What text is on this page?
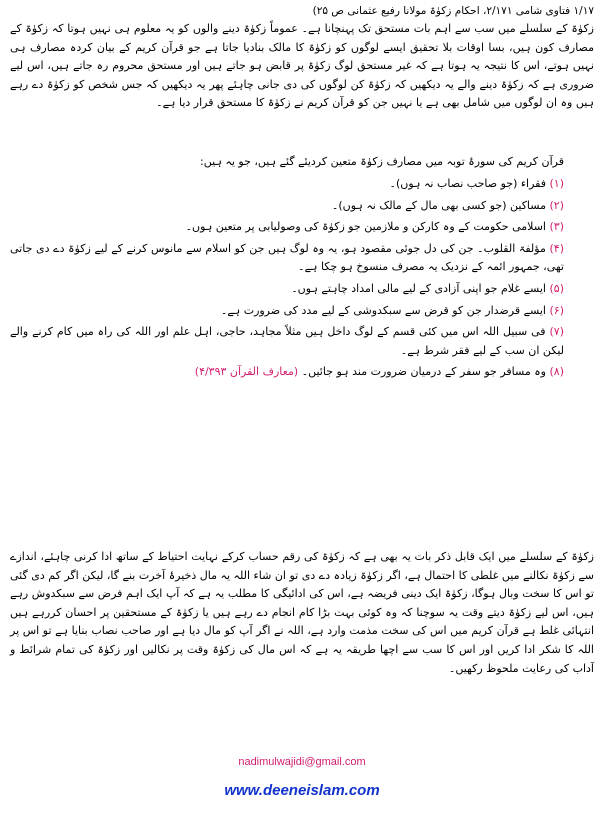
۱/۱۷ فتاوی شامی ۲/۱۷۱، احکام زکوٰۃ مولانا رفیع عثمانی ص ۲۵)

زکوٰۃ کے سلسلے میں سب سے اہم بات مستحق تک پہنچانا ہے۔ عموماً زکوٰۃ دینے والوں کو یہ معلوم ہی نہیں ہوتا کہ زکوٰۃ کے مصارف کون ہیں، بسا اوقات بلا تحقیق ایسے لوگوں کو زکوٰۃ کا مالک بنادیا جاتا ہے جو قرآن کریم کے بیان کردہ مصارف ہی نہیں ہوتے، اس کا نتیجہ یہ ہوتا ہے کہ غیر مستحق لوگ زکوٰۃ پر قابض ہو جاتے ہیں اور مستحق محروم رہ جاتے ہیں، اس لیے ضروری ہے کہ زکوٰۃ دینے والے یہ دیکھیں کہ زکوٰۃ کن لوگوں کی دی جانی چاہئے پھر یہ دیکھیں کہ جس شخص کو زکوٰۃ دے رہے ہیں وہ ان لوگوں میں شامل بھی ہے یا نہیں جن کو قرآن کریم نے زکوٰۃ کا مستحق قرار دیا ہے۔

قرآن کریم کی سورۂ توبہ میں مصارف زکوٰۃ متعین کردیئے گئے ہیں، جو یہ ہیں:
(۱) فقراء (جو صاحب نصاب نہ ہوں)۔
(۲) مساکین (جو کسی بھی مال کے مالک نہ ہوں)۔
(۳) اسلامی حکومت کے وہ کارکن و ملازمین جو زکوٰۃ کی وصولیابی پر متعین ہوں۔
(۴) مؤلفۃ القلوب۔ جن کی دل جوئی مقصود ہو، یہ وہ لوگ ہیں جن کو اسلام سے مانوس کرنے کے لیے زکوٰۃ دے دی جاتی تھی، جمہور ائمہ کے نزدیک یہ مصرف منسوخ ہو چکا ہے۔
(۵) ایسے غلام جو اپنی آزادی کے لیے مالی امداد چاہتے ہوں۔
(۶) ایسے قرضدار جن کو قرض سے سبکدوشی کے لیے مدد کی ضرورت ہے۔
(۷) فی سبیل اللہ اس میں کئی قسم کے لوگ داخل ہیں مثلاً مجاہد، حاجی، اہل علم اور اللہ کی راہ میں کام کرنے والے لیکن ان سب کے لیے فقر شرط ہے۔
(۸) وہ مسافر جو سفر کے درمیان ضرورت مند ہو جائیں۔ (معارف القرآن ۴/۳۹۳)

زکوٰۃ کے سلسلے میں ایک قابل ذکر بات یہ بھی ہے کہ زکوٰۃ کی رقم حساب کرکے نہایت احتیاط کے ساتھ ادا کرنی چاہئے، اندازے سے زکوٰۃ نکالنے میں غلطی کا احتمال ہے، اگر زکوٰۃ زیادہ دے دی تو ان شاء اللہ یہ مال ذخیرۂ آخرت بنے گا، لیکن اگر کم دی گئی تو اس کا سخت وبال ہوگا، زکوٰۃ ایک دینی فریضہ ہے، اس کی ادائیگی کا مطلب یہ ہے کہ آپ ایک اہم فرض سے سبکدوش رہے ہیں، اس لیے زکوٰۃ دیتے وقت یہ سوچنا کہ وہ کوئی بہت بڑا کام انجام دے رہے ہیں یا زکوٰۃ کے مستحقین پر احسان کررہے ہیں انتہائی غلط ہے قرآن کریم میں اس کی سخت مذمت وارد ہے، اللہ نے اگر آپ کو مال دیا ہے اور صاحب نصاب بنایا ہے تو اس پر اللہ کا شکر ادا کریں اور اس کا سب سے اچھا طریقہ یہ ہے کہ اس مال کی زکوٰۃ وقت پر نکالیں اور زکوٰۃ کی تمام شرائط و آداب کی رعایت ملحوظ رکھیں۔

nadimulwajidi@gmail.com
www.deeneislam.com
